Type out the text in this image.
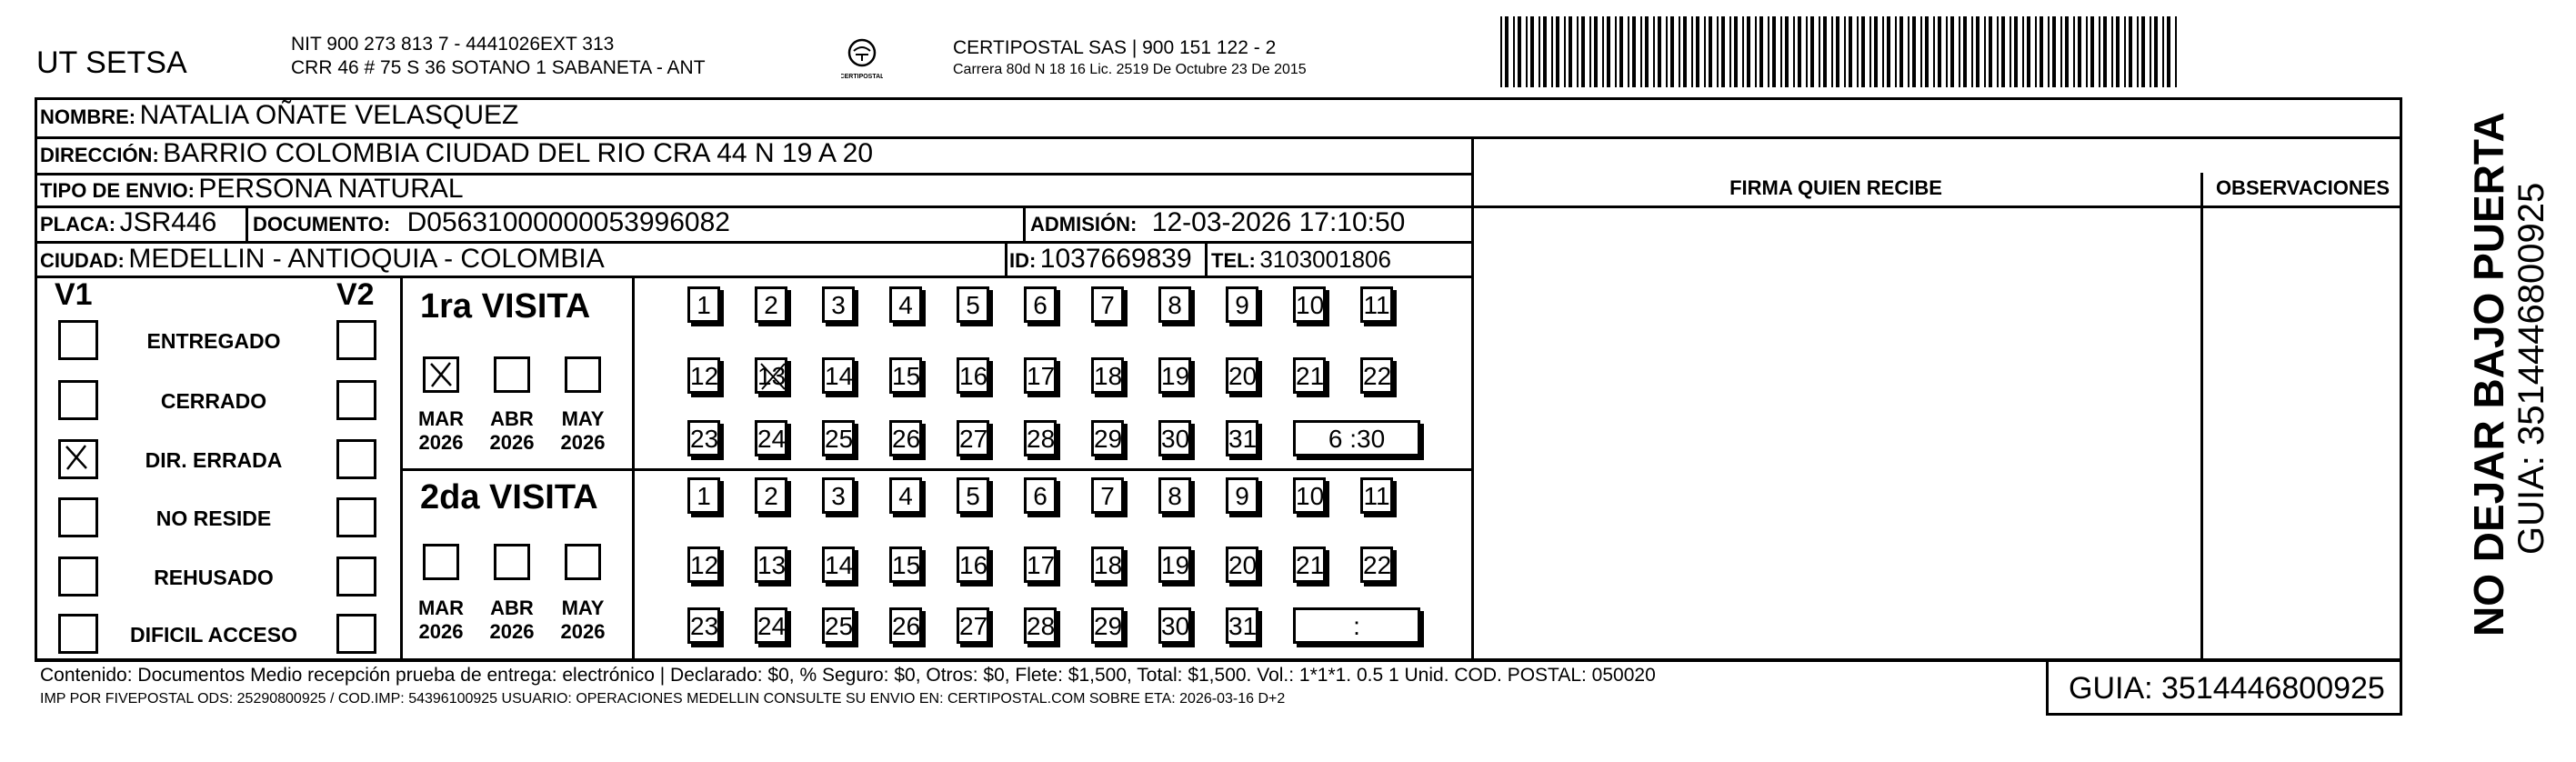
UT SETSA
NIT 900 273 813 7 - 4441026EXT 313
CRR 46 # 75 S 36 SOTANO 1 SABANETA - ANT	CERTIPOSTAL
CERTIPOSTAL SAS | 900 151 122 - 2
Carrera 80d N 18 16 Lic. 2519 De Octubre 23 De 2015
NOMBRE: NATALIA OÑATE VELASQUEZ
DIRECCIÓN: BARRIO COLOMBIA CIUDAD DEL RIO CRA 44 N 19 A 20
TIPO DE ENVIO: PERSONA NATURAL
PLACA: JSR446 DOCUMENTO: D05631000000053996082	ADMISIÓN: 12-03-2026 17:10:50
CIUDAD: MEDELLIN - ANTIOQUIA - COLOMBIA	ID: 1037669839 TEL: 3103001806
FIRMA QUIEN RECIBE	OBSERVACIONES	NO DEJAR BAJO PUERTA GUIA: 3514446800925
V1	V2 1ra VISITA
2da VISITA
Contenido: Documentos Medio recepción prueba de entrega: electrónico | Declarado: $0, % Seguro: $0, Otros: $0, Flete: $1,500, Total: $1,500. Vol.: 1*1*1. 0.5 1 Unid. COD. POSTAL: 050020
IMP POR FIVEPOSTAL ODS: 25290800925 / COD.IMP: 54396100925 USUARIO: OPERACIONES MEDELLIN CONSULTE SU ENVIO EN: CERTIPOSTAL.COM SOBRE ETA: 2026-03-16 D+2	GUIA: 3514446800925
ENTREGADO
CERRADO
DIR. ERRADA
NO RESIDE
REHUSADO
DIFICIL ACCESO
MAR
2026
ABR
2026
MAY
2026
MAR
2026
ABR
2026
MAY
2026
1	2	3	4	5	6	7	8	9	10 11
12 13 14 15 16 17 18 19 20 21 22
23 24 25 26 27 28 29 30 31	6 :30
1	2	3	4	5	6	7	8	9	10 11
12 13 14 15 16 17 18 19 20 21 22
23 24 25 26 27 28 29 30 31	:
